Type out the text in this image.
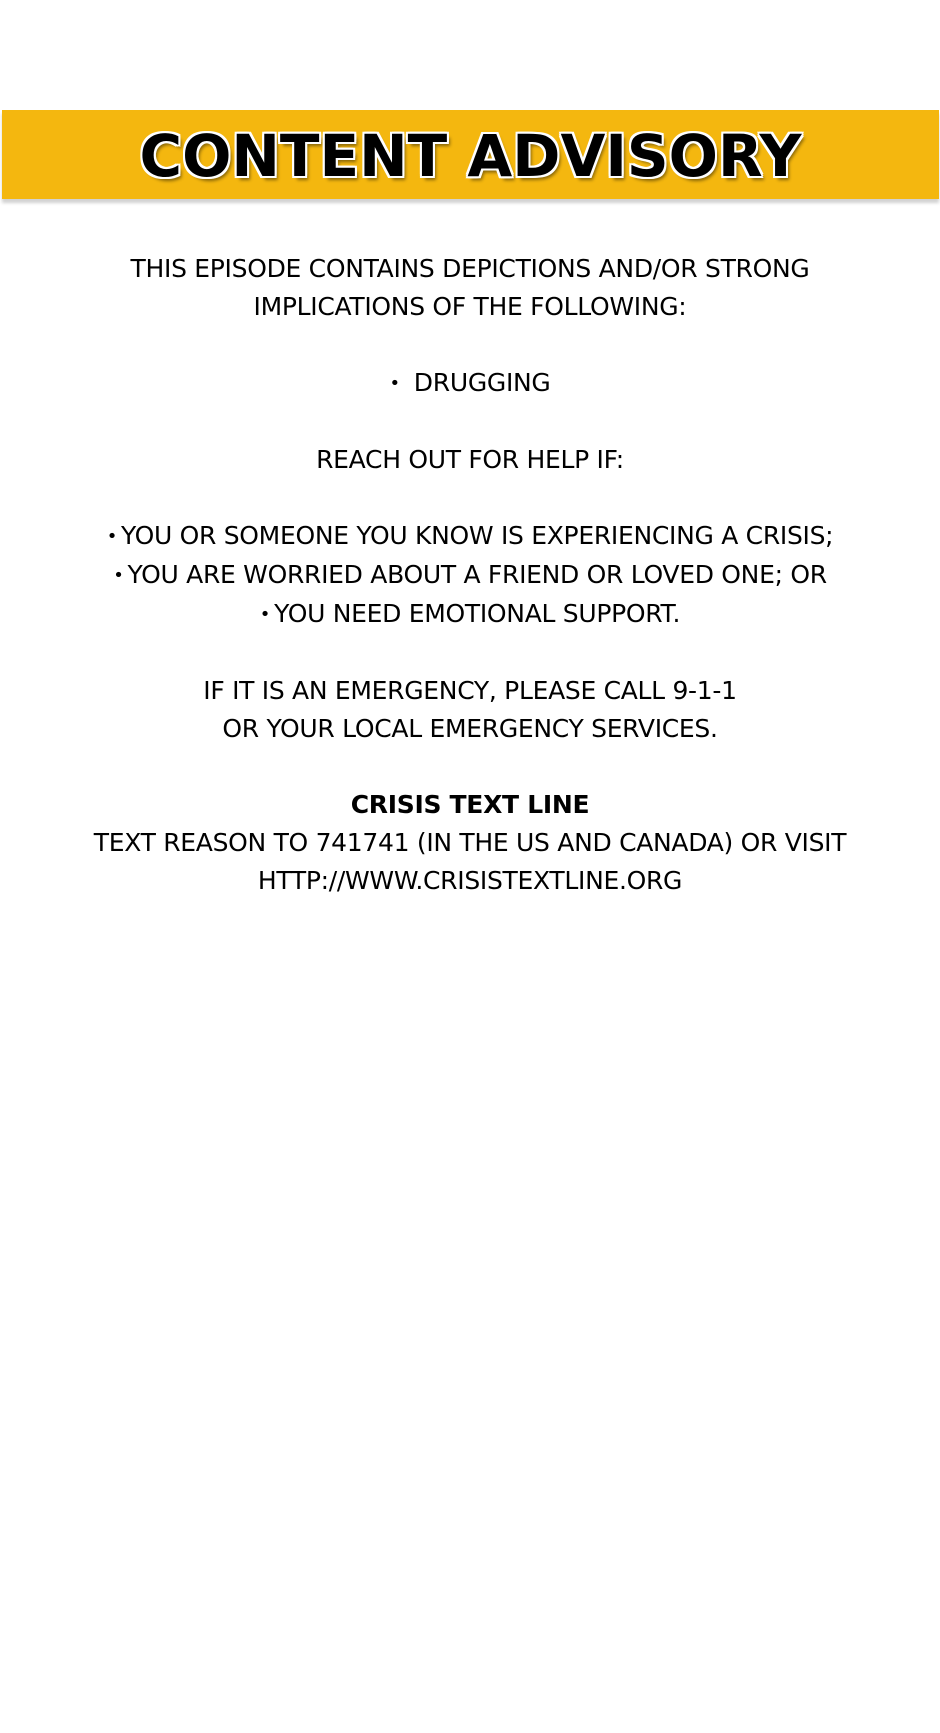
CONTENT ADVISORY

THIS EPISODE CONTAINS DEPICTIONS AND/OR STRONG

IMPLICATIONS OF THE FOLLOWING:

• DRUGGING

REACH OUT FOR HELP IF:

• YOU OR SOMEONE YOU KNOW IS EXPERIENCING A CRISIS;

• YOU ARE WORRIED ABOUT A FRIEND OR LOVED ONE; OR

• YOU NEED EMOTIONAL SUPPORT.

IF IT IS AN EMERGENCY, PLEASE CALL 9-1-1

OR YOUR LOCAL EMERGENCY SERVICES.

CRISIS TEXT LINE

TEXT REASON TO 741741 (IN THE US AND CANADA) OR VISIT

HTTP://WWW.CRISISTEXTLINE.ORG
